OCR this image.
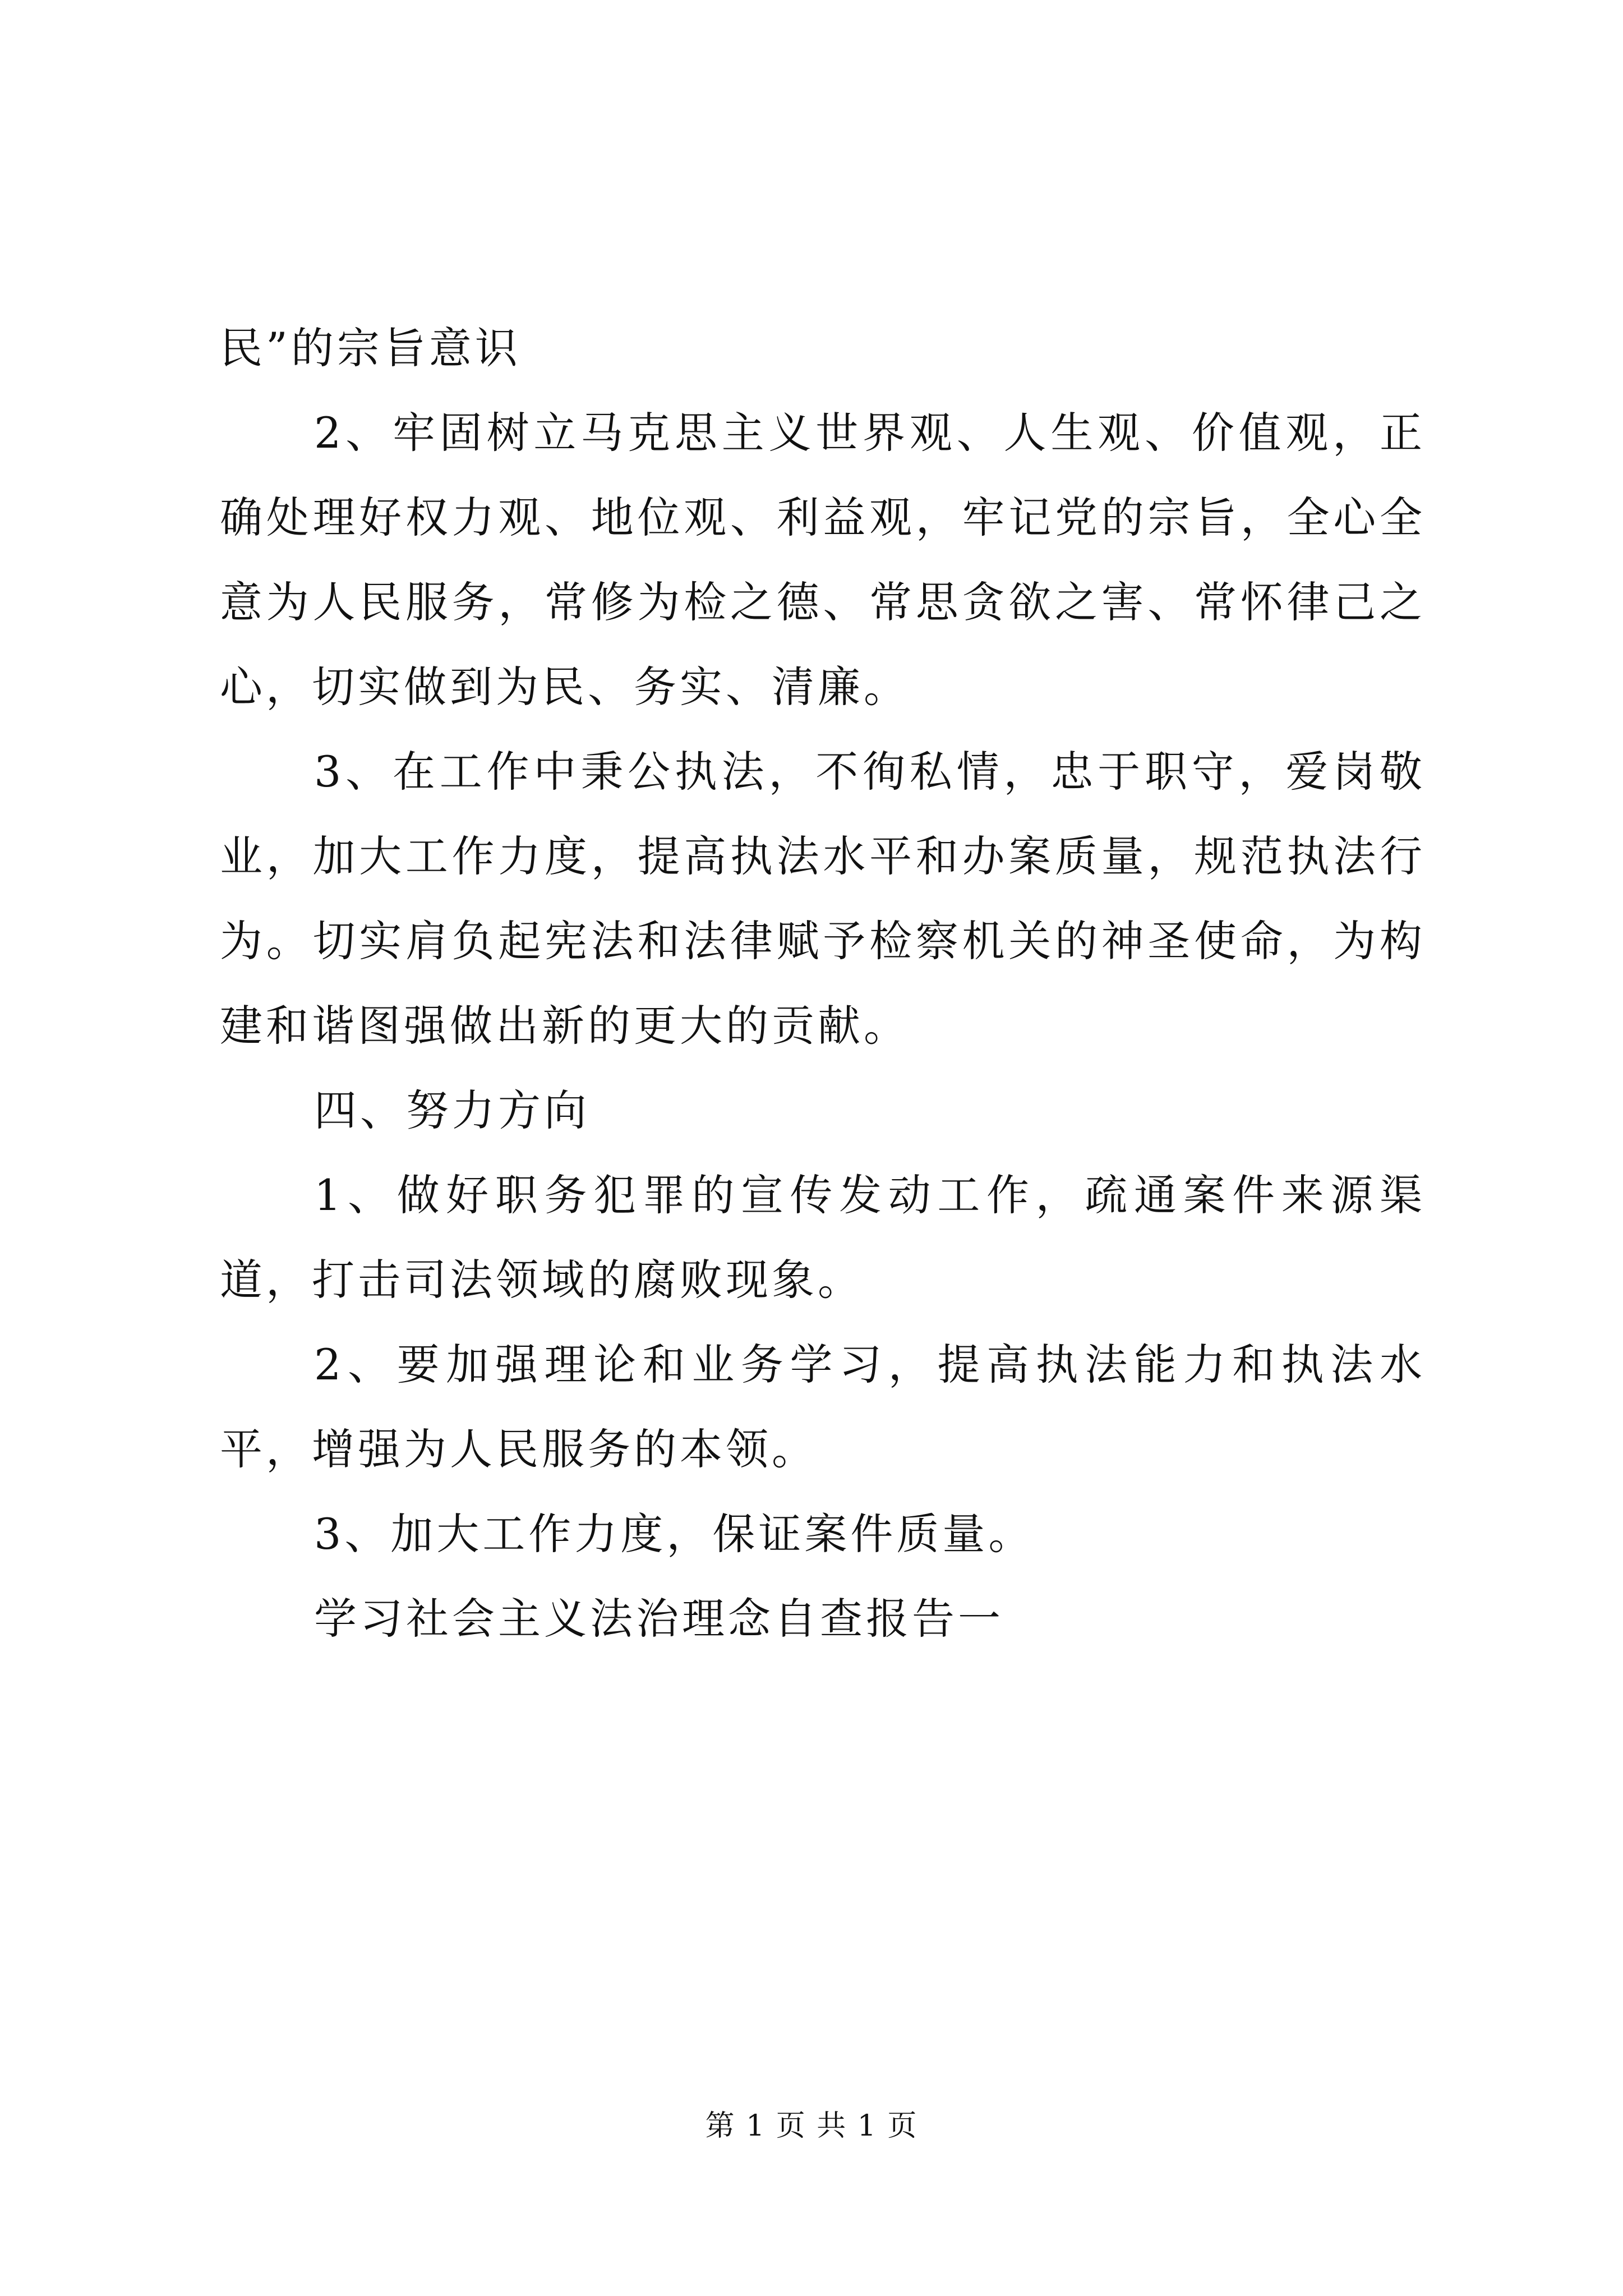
民”的宗旨意识

2、牢固树立马克思主义世界观、人生观、价值观，正确处理好权力观、地位观、利益观，牢记党的宗旨，全心全意为人民服务，常修为检之德、常思贪欲之害、常怀律己之心，切实做到为民、务实、清廉。

3、在工作中秉公执法，不徇私情，忠于职守，爱岗敬业，加大工作力度，提高执法水平和办案质量，规范执法行为。切实肩负起宪法和法律赋予检察机关的神圣使命，为构建和谐图强做出新的更大的贡献。

四、努力方向

1、做好职务犯罪的宣传发动工作，疏通案件来源渠道，打击司法领域的腐败现象。

2、要加强理论和业务学习，提高执法能力和执法水平，增强为人民服务的本领。

3、加大工作力度，保证案件质量。

学习社会主义法治理念自查报告一

第 1 页 共 1 页
